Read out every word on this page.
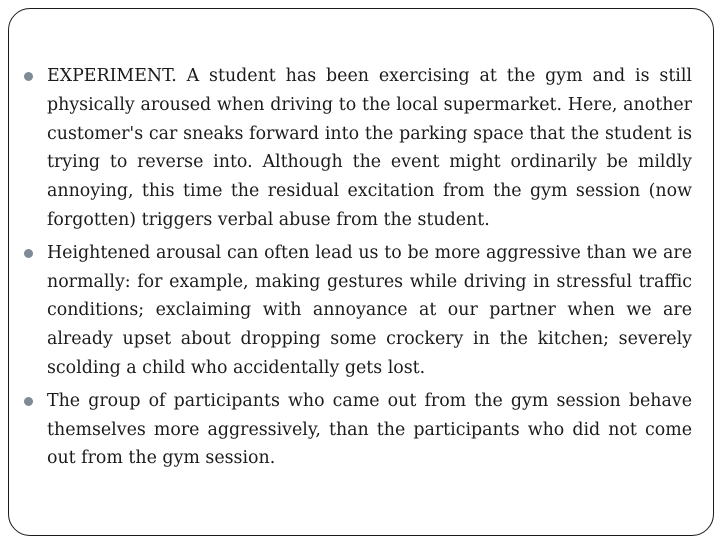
EXPERIMENT. A student has been exercising at the gym and is still physically aroused when driving to the local supermarket. Here, another customer's car sneaks forward into the parking space that the student is trying to reverse into. Although the event might ordinarily be mildly annoying, this time the residual excitation from the gym session (now forgotten) triggers verbal abuse from the student.
Heightened arousal can often lead us to be more aggressive than we are normally: for example, making gestures while driving in stressful traffic conditions; exclaiming with annoyance at our partner when we are already upset about dropping some crockery in the kitchen; severely scolding a child who accidentally gets lost.
The group of participants who came out from the gym session behave themselves more aggressively, than the participants who did not come out from the gym session.
